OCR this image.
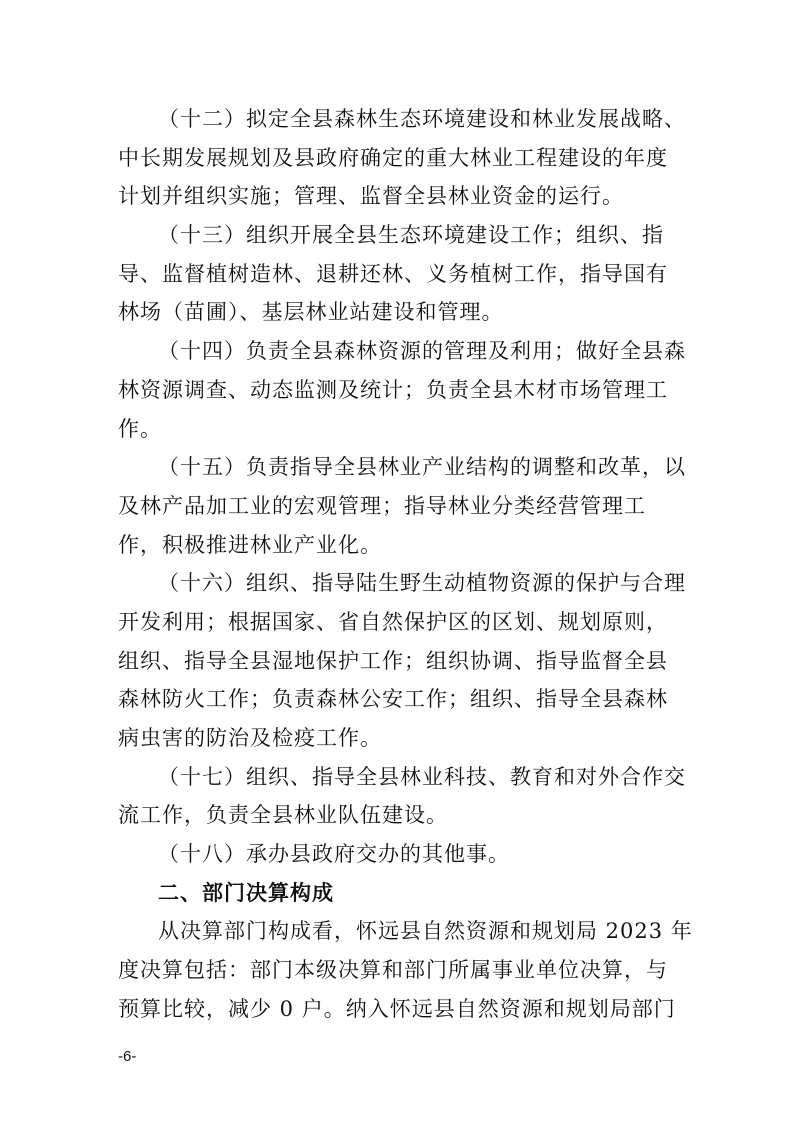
（十二）拟定全县森林生态环境建设和林业发展战略、
中长期发展规划及县政府确定的重大林业工程建设的年度
计划并组织实施；管理、监督全县林业资金的运行。
（十三）组织开展全县生态环境建设工作；组织、指
导、监督植树造林、退耕还林、义务植树工作，指导国有
林场（苗圃）、基层林业站建设和管理。
（十四）负责全县森林资源的管理及利用；做好全县森
林资源调查、动态监测及统计；负责全县木材市场管理工
作。
（十五）负责指导全县林业产业结构的调整和改革，以
及林产品加工业的宏观管理；指导林业分类经营管理工
作，积极推进林业产业化。
（十六）组织、指导陆生野生动植物资源的保护与合理
开发利用；根据国家、省自然保护区的区划、规划原则，
组织、指导全县湿地保护工作；组织协调、指导监督全县
森林防火工作；负责森林公安工作；组织、指导全县森林
病虫害的防治及检疫工作。
（十七）组织、指导全县林业科技、教育和对外合作交
流工作，负责全县林业队伍建设。
（十八）承办县政府交办的其他事。
二、部门决算构成
从决算部门构成看，怀远县自然资源和规划局 2023 年
度决算包括：部门本级决算和部门所属事业单位决算，与
预算比较，减少 0 户。纳入怀远县自然资源和规划局部门
-6-
